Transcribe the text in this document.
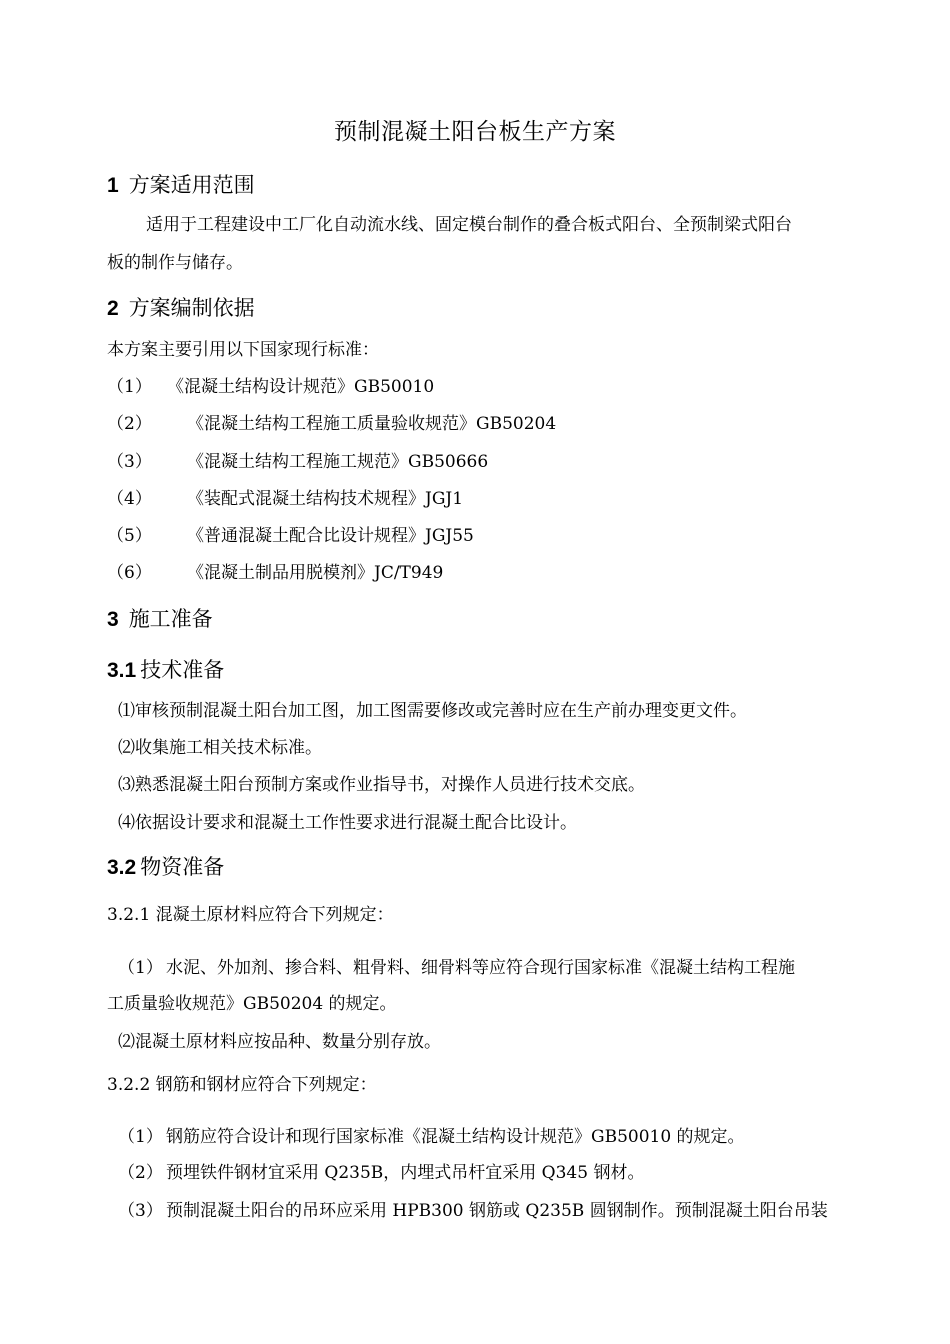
预制混凝土阳台板生产方案
1 方案适用范围
适用于工程建设中工厂化自动流水线、固定模台制作的叠合板式阳台、全预制梁式阳台
板的制作与储存。
2 方案编制依据
本方案主要引用以下国家现行标准：
（1） 《混凝土结构设计规范》GB50010
（2） 《混凝土结构工程施工质量验收规范》GB50204
（3） 《混凝土结构工程施工规范》GB50666
（4） 《装配式混凝土结构技术规程》JGJ1
（5） 《普通混凝土配合比设计规程》JGJ55
（6） 《混凝土制品用脱模剂》JC/T949
3 施工准备
3.1 技术准备
⑴审核预制混凝土阳台加工图，加工图需要修改或完善时应在生产前办理变更文件。
⑵收集施工相关技术标准。
⑶熟悉混凝土阳台预制方案或作业指导书，对操作人员进行技术交底。
⑷依据设计要求和混凝土工作性要求进行混凝土配合比设计。
3.2 物资准备
3.2.1 混凝土原材料应符合下列规定：
（1） 水泥、外加剂、掺合料、粗骨料、细骨料等应符合现行国家标准《混凝土结构工程施
工质量验收规范》GB50204 的规定。
⑵混凝土原材料应按品种、数量分别存放。
3.2.2 钢筋和钢材应符合下列规定：
（1） 钢筋应符合设计和现行国家标准《混凝土结构设计规范》GB50010 的规定。
（2） 预埋铁件钢材宜采用 Q235B，内埋式吊杆宜采用 Q345 钢材。
（3） 预制混凝土阳台的吊环应采用 HPB300 钢筋或 Q235B 圆钢制作。预制混凝土阳台吊装
